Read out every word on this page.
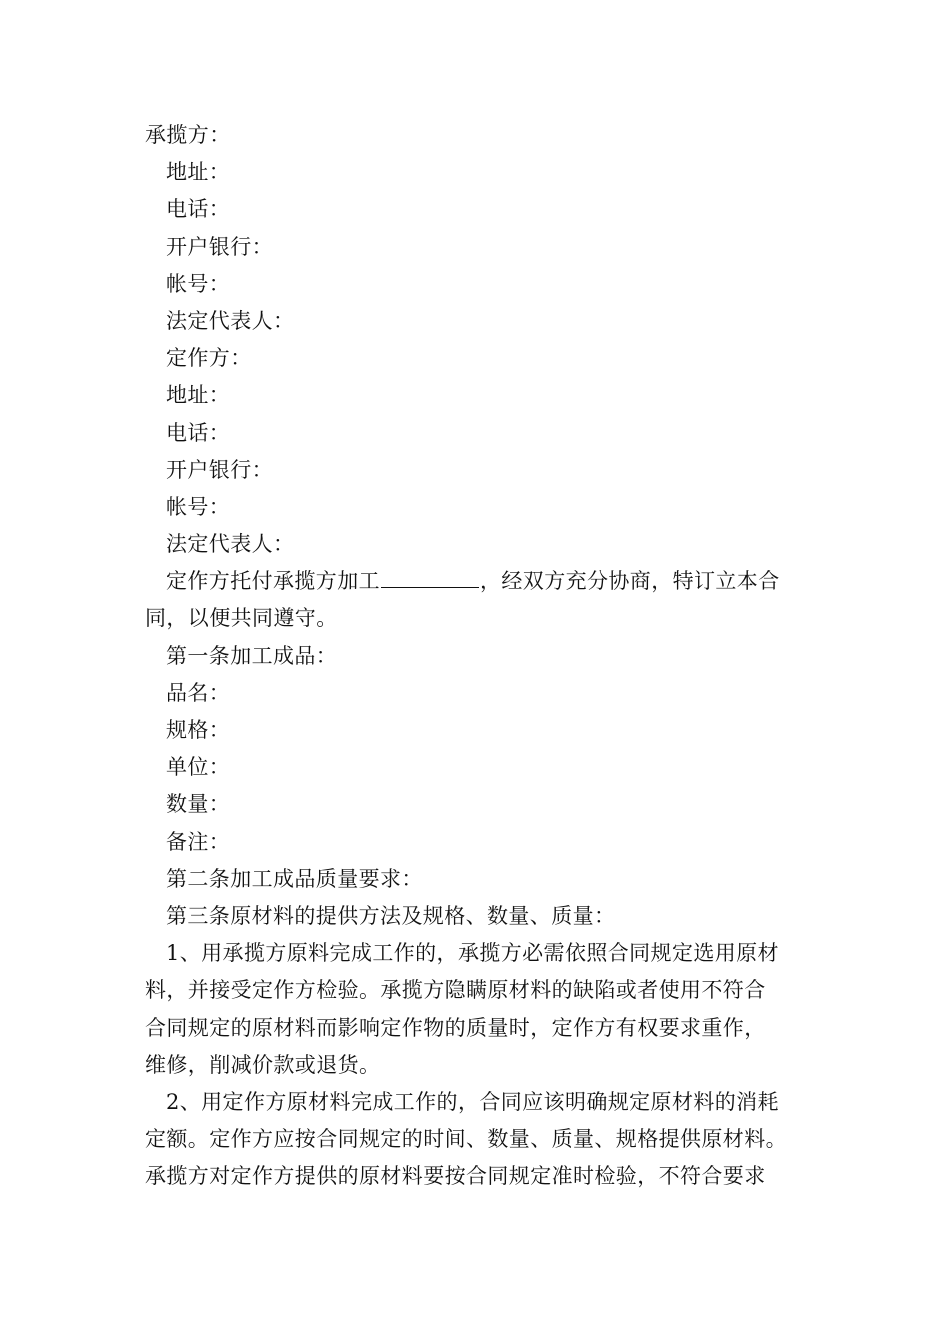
承揽方：
地址：
电话：
开户银行：
帐号：
法定代表人：
定作方：
地址：
电话：
开户银行：
帐号：
法定代表人：
定作方托付承揽方加工	，经双方充分协商，特订立本合
同，以便共同遵守。
第一条加工成品：
品名：
规格：
单位：
数量：
备注：
第二条加工成品质量要求：
第三条原材料的提供方法及规格、数量、质量：
1、用承揽方原料完成工作的，承揽方必需依照合同规定选用原材
料，并接受定作方检验。承揽方隐瞒原材料的缺陷或者使用不符合
合同规定的原材料而影响定作物的质量时，定作方有权要求重作，
维修，削减价款或退货。
2、用定作方原材料完成工作的，合同应该明确规定原材料的消耗
定额。定作方应按合同规定的时间、数量、质量、规格提供原材料。
承揽方对定作方提供的原材料要按合同规定准时检验，不符合要求
